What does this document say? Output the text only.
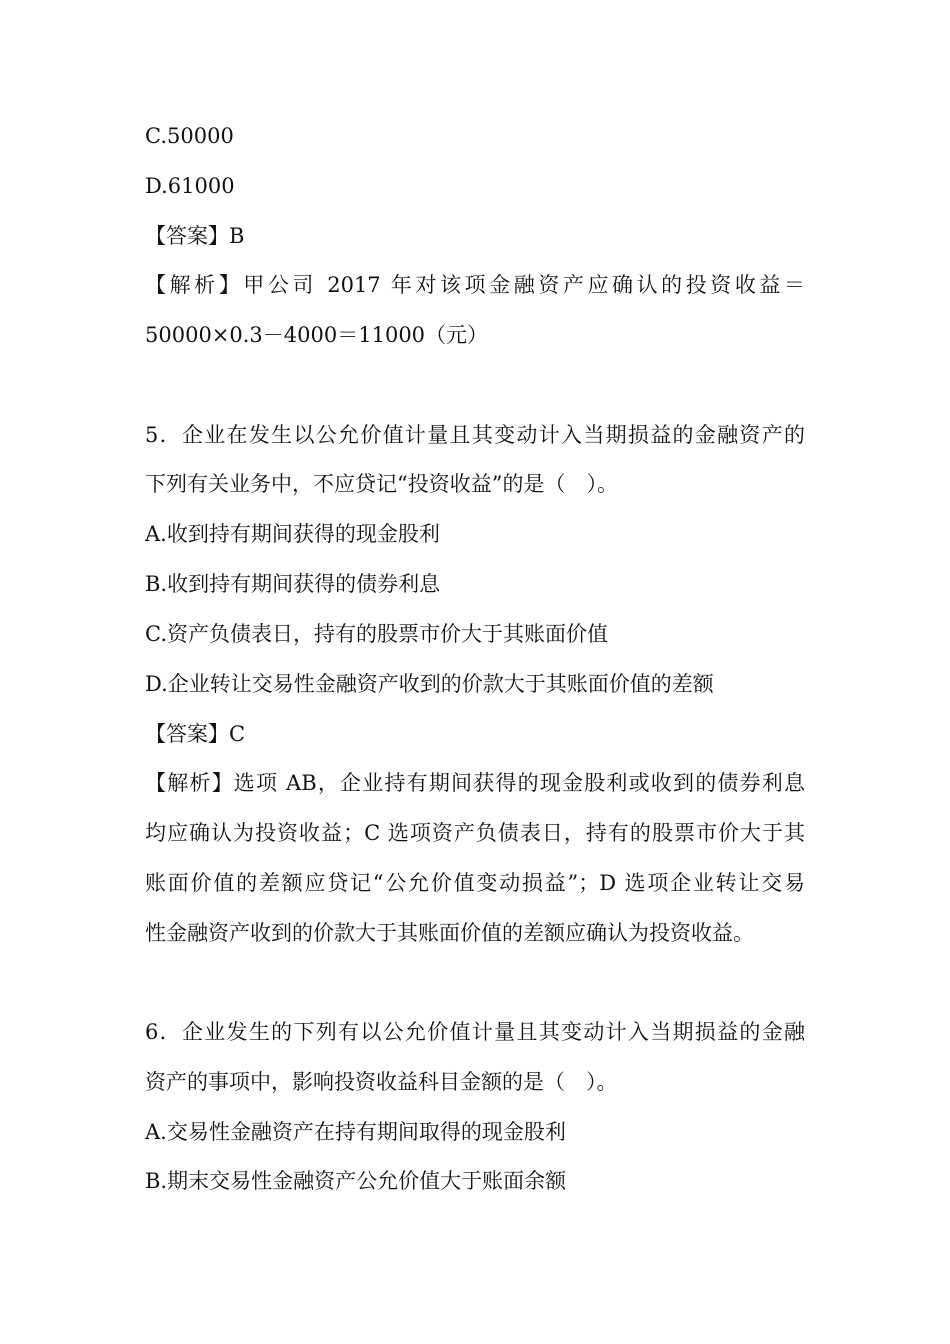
C.50000
D.61000
【答案】B
【解析】甲公司 2017 年对该项金融资产应确认的投资收益＝
50000×0.3－4000＝11000（元）
5．企业在发生以公允价值计量且其变动计入当期损益的金融资产的
下列有关业务中，不应贷记“投资收益”的是（　）。
A.收到持有期间获得的现金股利
B.收到持有期间获得的债券利息
C.资产负债表日，持有的股票市价大于其账面价值
D.企业转让交易性金融资产收到的价款大于其账面价值的差额
【答案】C
【解析】选项 AB，企业持有期间获得的现金股利或收到的债券利息
均应确认为投资收益；C 选项资产负债表日，持有的股票市价大于其
账面价值的差额应贷记“公允价值变动损益”；D 选项企业转让交易
性金融资产收到的价款大于其账面价值的差额应确认为投资收益。
6．企业发生的下列有以公允价值计量且其变动计入当期损益的金融
资产的事项中，影响投资收益科目金额的是（　）。
A.交易性金融资产在持有期间取得的现金股利
B.期末交易性金融资产公允价值大于账面余额
